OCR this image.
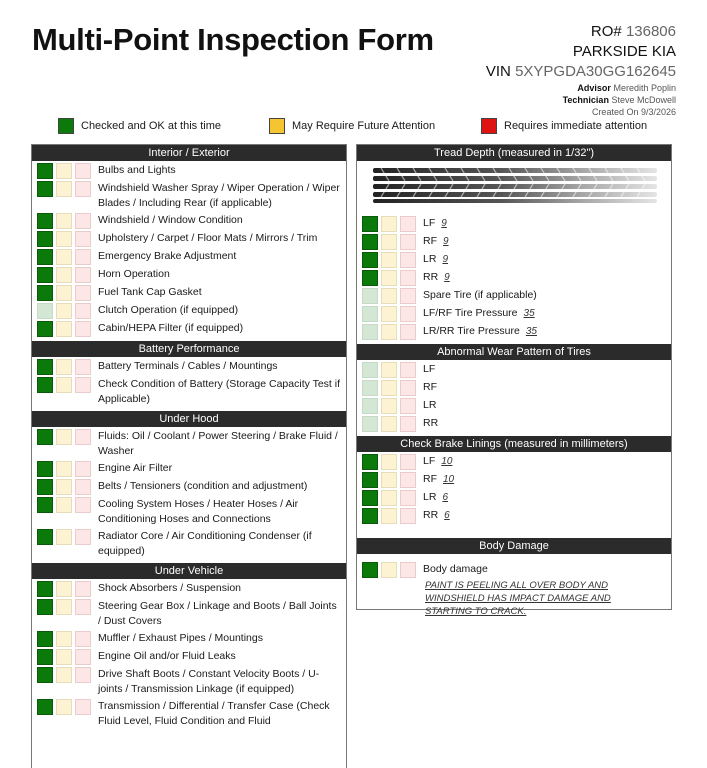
Multi-Point Inspection Form	RO# 136806
PARKSIDE KIA
VIN 5XYPGDA30GG162645
Advisor Meredith Poplin
Technician Steve McDowell
Created On 9/3/2026
Checked and OK at this time	May Require Future Attention	Requires immediate attention
Interior / Exterior
Bulbs and Lights
Windshield Washer Spray / Wiper Operation / Wiper Blades / Including Rear (if applicable)
Windshield / Window Condition
Upholstery / Carpet / Floor Mats / Mirrors / Trim
Emergency Brake Adjustment
Horn Operation
Fuel Tank Cap Gasket
Clutch Operation (if equipped)
Cabin/HEPA Filter (if equipped)
Battery Performance
Battery Terminals / Cables / Mountings
Check Condition of Battery (Storage Capacity Test if Applicable)
Under Hood
Fluids: Oil / Coolant / Power Steering / Brake Fluid / Washer
Engine Air Filter
Belts / Tensioners (condition and adjustment)
Cooling System Hoses / Heater Hoses / Air Conditioning Hoses and Connections
Radiator Core / Air Conditioning Condenser (if equipped)
Under Vehicle
Shock Absorbers / Suspension
Steering Gear Box / Linkage and Boots / Ball Joints / Dust Covers
Muffler / Exhaust Pipes / Mountings
Engine Oil and/or Fluid Leaks
Drive Shaft Boots / Constant Velocity Boots / U-joints / Transmission Linkage (if equipped)
Transmission / Differential / Transfer Case (Check Fluid Level, Fluid Condition and Fluid
Tread Depth (measured in 1/32")
LF 9
RF 9
LR 9
RR 9
Spare Tire (if applicable)
LF/RF Tire Pressure 35
LR/RR Tire Pressure 35
Abnormal Wear Pattern of Tires
LF
RF
LR
RR
Check Brake Linings (measured in millimeters)
LF 10
RF 10
LR 6
RR 6
Body Damage
Body damage
PAINT IS PEELING ALL OVER BODY AND WINDSHIELD HAS IMPACT DAMAGE AND STARTING TO CRACK.
